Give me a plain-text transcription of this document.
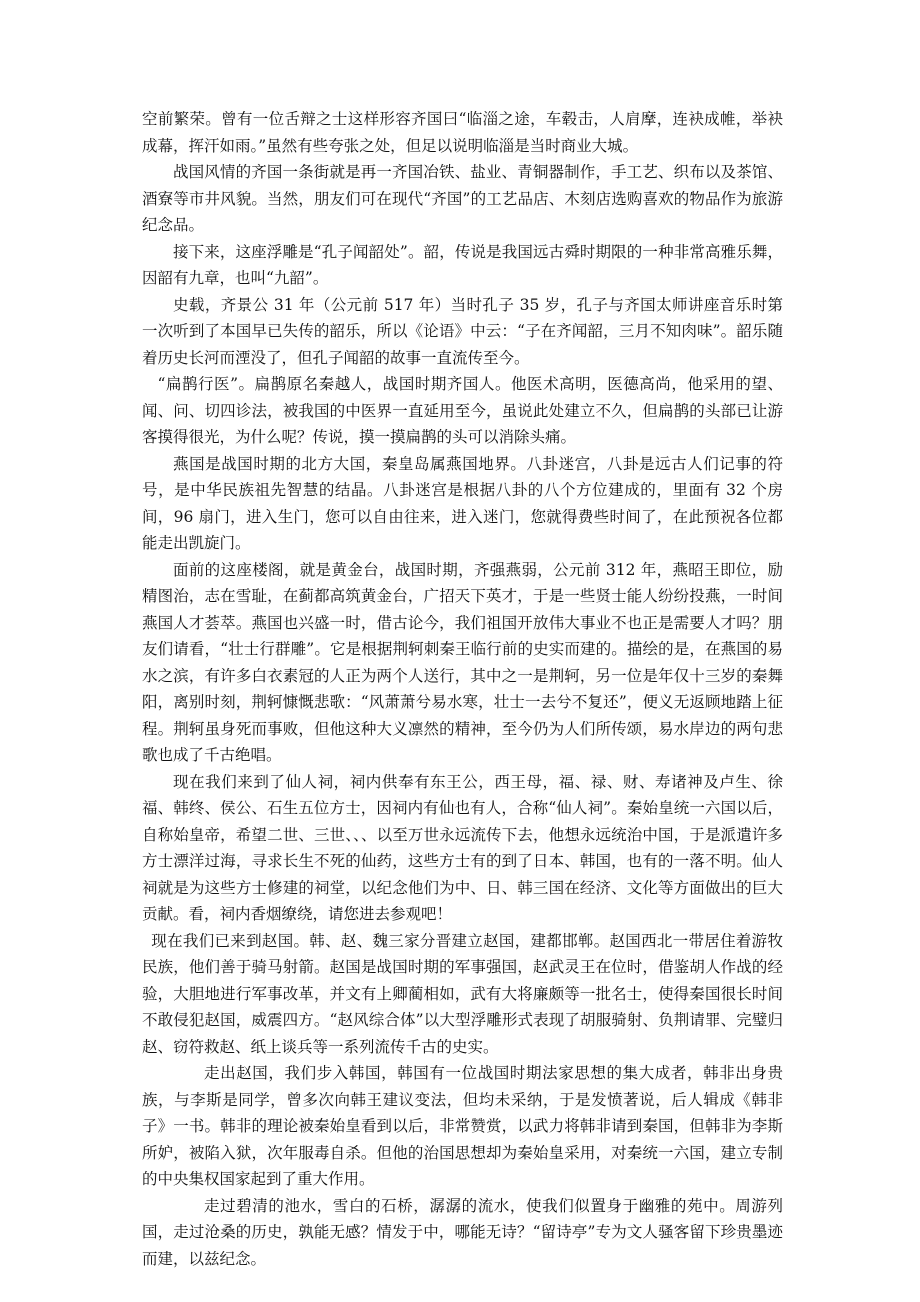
空前繁荣。曾有一位舌辩之士这样形容齐国曰“临淄之途，车毂击，人肩摩，连袂成帷，举袂成幕，挥汗如雨。”虽然有些夸张之处，但足以说明临淄是当时商业大城。

战国风情的齐国一条街就是再一齐国冶铁、盐业、青铜器制作，手工艺、织布以及茶馆、酒寮等市井风貌。当然，朋友们可在现代“齐国”的工艺品店、木刻店选购喜欢的物品作为旅游纪念品。

接下来，这座浮雕是“孔子闻韶处”。韶，传说是我国远古舜时期限的一种非常高雅乐舞，因韶有九章，也叫“九韶”。

史载，齐景公 31 年（公元前 517 年）当时孔子 35 岁，孔子与齐国太师讲座音乐时第一次听到了本国早已失传的韶乐，所以《论语》中云：“子在齐闻韶，三月不知肉味”。韶乐随着历史长河而湮没了，但孔子闻韶的故事一直流传至今。

“扁鹊行医”。扁鹊原名秦越人，战国时期齐国人。他医术高明，医德高尚，他采用的望、闻、问、切四诊法，被我国的中医界一直延用至今，虽说此处建立不久，但扁鹊的头部已让游客摸得很光，为什么呢？传说，摸一摸扁鹊的头可以消除头痛。

燕国是战国时期的北方大国，秦皇岛属燕国地界。八卦迷宫，八卦是远古人们记事的符号，是中华民族祖先智慧的结晶。八卦迷宫是根据八卦的八个方位建成的，里面有 32 个房间，96 扇门，进入生门，您可以自由往来，进入迷门，您就得费些时间了，在此预祝各位都能走出凯旋门。

面前的这座楼阁，就是黄金台，战国时期，齐强燕弱，公元前 312 年，燕昭王即位，励精图治，志在雪耻，在蓟都高筑黄金台，广招天下英才，于是一些贤士能人纷纷投燕，一时间燕国人才荟萃。燕国也兴盛一时，借古论今，我们祖国开放伟大事业不也正是需要人才吗？朋友们请看，“壮士行群雕”。它是根据荆轲刺秦王临行前的史实而建的。描绘的是，在燕国的易水之滨，有许多白衣素冠的人正为两个人送行，其中之一是荆轲，另一位是年仅十三岁的秦舞阳，离别时刻，荆轲慷慨悲歌：“风萧萧兮易水寒，壮士一去兮不复还”，便义无返顾地踏上征程。荆轲虽身死而事败，但他这种大义凛然的精神，至今仍为人们所传颂，易水岸边的两句悲歌也成了千古绝唱。

现在我们来到了仙人祠，祠内供奉有东王公，西王母，福、禄、财、寿诸神及卢生、徐福、韩终、侯公、石生五位方士，因祠内有仙也有人，合称“仙人祠”。秦始皇统一六国以后，自称始皇帝，希望二世、三世、、、以至万世永远流传下去，他想永远统治中国，于是派遣许多方士漂洋过海，寻求长生不死的仙药，这些方士有的到了日本、韩国，也有的一落不明。仙人祠就是为这些方士修建的祠堂，以纪念他们为中、日、韩三国在经济、文化等方面做出的巨大贡献。看，祠内香烟缭绕，请您进去参观吧！

现在我们已来到赵国。韩、赵、魏三家分晋建立赵国，建都邯郸。赵国西北一带居住着游牧民族，他们善于骑马射箭。赵国是战国时期的军事强国，赵武灵王在位时，借鉴胡人作战的经验，大胆地进行军事改革，并文有上卿蔺相如，武有大将廉颇等一批名士，使得秦国很长时间不敢侵犯赵国，威震四方。“赵风综合体”以大型浮雕形式表现了胡服骑射、负荆请罪、完璧归赵、窃符救赵、纸上谈兵等一系列流传千古的史实。

走出赵国，我们步入韩国，韩国有一位战国时期法家思想的集大成者，韩非出身贵族，与李斯是同学，曾多次向韩王建议变法，但均未采纳，于是发愤著说，后人辑成《韩非子》一书。韩非的理论被秦始皇看到以后，非常赞赏，以武力将韩非请到秦国，但韩非为李斯所妒，被陷入狱，次年服毒自杀。但他的治国思想却为秦始皇采用，对秦统一六国，建立专制的中央集权国家起到了重大作用。

走过碧清的池水，雪白的石桥，潺潺的流水，使我们似置身于幽雅的苑中。周游列国，走过沧桑的历史，孰能无感？情发于中，哪能无诗？“留诗亭”专为文人骚客留下珍贵墨迹而建，以兹纪念。
